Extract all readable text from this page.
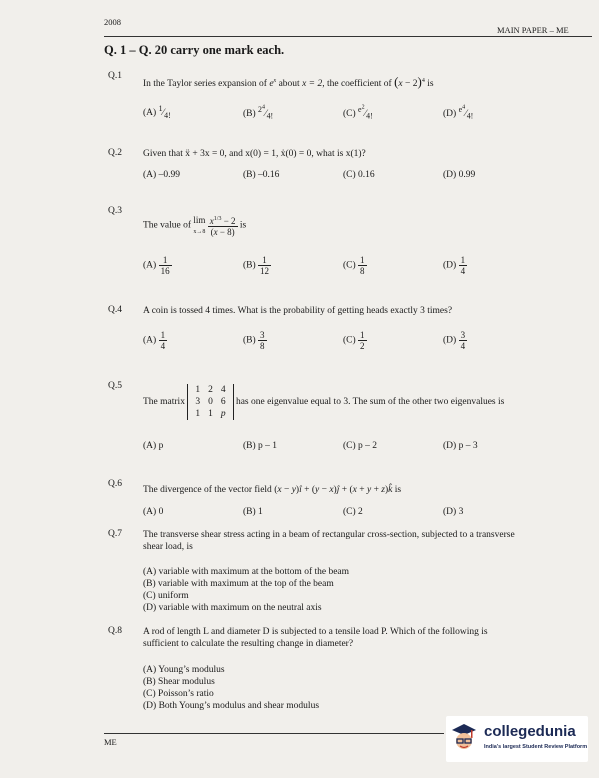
2008
MAIN PAPER – ME
Q. 1 – Q. 20 carry one mark each.
Q.1
In the Taylor series expansion of $e^x$ about x = 2, the coefficient of $(x - 2)^4$ is
(A) $^1⁄_{4!}$	(B) $^{2^4}⁄_{4!}$	(C) $^{e^2}⁄_{4!}$	(D) $^{e^4}⁄_{4!}$
Q.2 Given that ẍ + 3x = 0, and x(0) = 1, ẋ(0) = 0, what is x(1)?
(A) –0.99	(B) –0.16	(C) 0.16	(D) 0.99
Q.3
The value of lim
$x\to 8 \frac{x^{1/3} - 2}{(x - 8)}$ is
$(A) \frac{1}{16}$	$(B) \frac{1}{12}$	$(C) \frac{1}{8}$	$(D) \frac{1}{4}$
Q.4 A coin is tossed 4 times. What is the probability of getting heads exactly 3 times?
$(A) \frac{1}{4}$	$(B) \frac{3}{8}$	$(C) \frac{1}{2}$	$(D) \frac{3}{4}$
Q.5
The matrix
1	2	4
3	0	6
1	1	p
has one eigenvalue equal to 3. The sum of the other two eigenvalues is
(A) p	(B) p – 1	(C) p – 2	(D) p – 3
Q.6
The divergence of the vector field (x − y)î + (y − x)ĵ + (x + y + z)k̂ is
(A) 0	(B) 1	(C) 2	(D) 3
Q.7 The transverse shear stress acting in a beam of rectangular cross-section, subjected to a transverse
shear load, is
(A) variable with maximum at the bottom of the beam
(B) variable with maximum at the top of the beam
(C) uniform
(D) variable with maximum on the neutral axis
Q.8 A rod of length L and diameter D is subjected to a tensile load P. Which of the following is
sufficient to calculate the resulting change in diameter?
(A) Young’s modulus
(B) Shear modulus
(C) Poisson’s ratio
(D) Both Young’s modulus and shear modulus
ME
collegedunia
India's largest Student Review Platform
